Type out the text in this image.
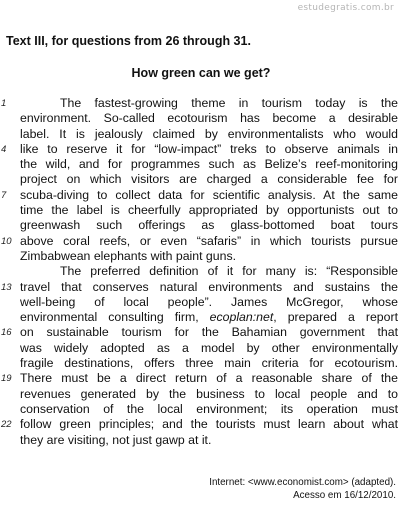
estudegratis.com.br
Text III, for questions from 26 through 31.
How green can we get?
1	The fastest-growing theme in tourism today is the
environment. So-called ecotourism has become a desirable
label. It is jealously claimed by environmentalists who would
4	like to reserve it for “low-impact” treks to observe animals in
the wild, and for programmes such as Belize’s reef-monitoring
project on which visitors are charged a considerable fee for
7	scuba-diving to collect data for scientific analysis. At the same
time the label is cheerfully appropriated by opportunists out to
greenwash such offerings as glass-bottomed boat tours
10 above coral reefs, or even “safaris” in which tourists pursue
Zimbabwean elephants with paint guns.
The preferred definition of it for many is: “Responsible
13 travel that conserves natural environments and sustains the
well-being of local people”. James McGregor, whose
environmental consulting firm, ecoplan:net, prepared a report
16 on sustainable tourism for the Bahamian government that
was widely adopted as a model by other environmentally
fragile destinations, offers three main criteria for ecotourism.
19 There must be a direct return of a reasonable share of the
revenues generated by the business to local people and to
conservation of the local environment; its operation must
22 follow green principles; and the tourists must learn about what
they are visiting, not just gawp at it.
Internet: <www.economist.com> (adapted).
Acesso em 16/12/2010.
